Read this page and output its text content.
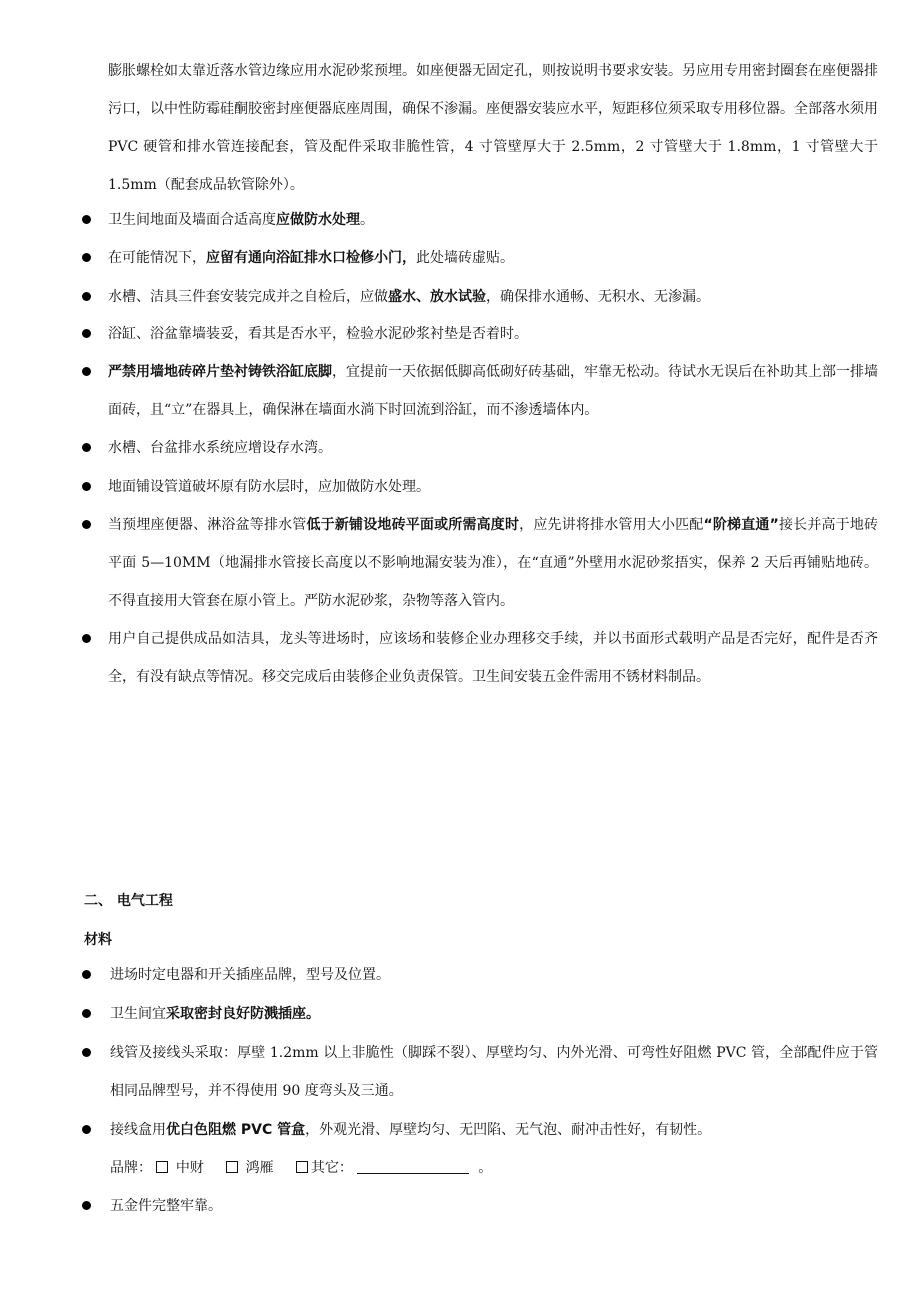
膨胀螺栓如太靠近落水管边缘应用水泥砂浆预埋。如座便器无固定孔，则按说明书要求安装。另应用专用密封圈套在座便器排污口，以中性防霉硅酮胶密封座便器底座周围，确保不渗漏。座便器安装应水平，短距移位须采取专用移位器。全部落水须用 PVC 硬管和排水管连接配套，管及配件采取非脆性管，4 寸管壁厚大于 2.5mm，2 寸管壁大于 1.8mm，1 寸管壁大于 1.5mm（配套成品软管除外）。
卫生间地面及墙面合适高度应做防水处理。
在可能情况下，应留有通向浴缸排水口检修小门，此处墙砖虚贴。
水槽、洁具三件套安装完成并之自检后，应做盛水、放水试验，确保排水通畅、无积水、无渗漏。
浴缸、浴盆靠墙装妥，看其是否水平，检验水泥砂浆衬垫是否着时。
严禁用墙地砖碎片垫衬铸铁浴缸底脚，宜提前一天依据低脚高低砌好砖基础，牢靠无松动。待试水无误后在补助其上部一排墙面砖，且“立”在器具上，确保淋在墙面水淌下时回流到浴缸，而不渗透墙体内。
水槽、台盆排水系统应增设存水湾。
地面铺设管道破坏原有防水层时，应加做防水处理。
当预埋座便器、淋浴盆等排水管低于新铺设地砖平面或所需高度时，应先讲将排水管用大小匹配“阶梯直通”接长并高于地砖平面 5—10MM（地漏排水管接长高度以不影响地漏安装为准），在“直通”外壁用水泥砂浆捂实，保养 2 天后再铺贴地砖。不得直接用大管套在原小管上。严防水泥砂浆，杂物等落入管内。
用户自己提供成品如洁具，龙头等进场时，应该场和装修企业办理移交手续，并以书面形式载明产品是否完好，配件是否齐全，有没有缺点等情况。移交完成后由装修企业负责保管。卫生间安装五金件需用不锈材料制品。
二、 电气工程
材料
进场时定电器和开关插座品牌，型号及位置。
卫生间宜采取密封良好防溅插座。
线管及接线头采取：厚壁 1.2mm 以上非脆性（脚踩不裂）、厚壁均匀、内外光滑、可弯性好阻燃 PVC 管，全部配件应于管相同品牌型号，并不得使用 90 度弯头及三通。
接线盒用优白色阻燃 PVC 管盒，外观光滑、厚壁均匀、无凹陷、无气泡、耐冲击性好，有韧性。
品牌： 中财	鸿雁	其它：	。
五金件完整牢靠。
